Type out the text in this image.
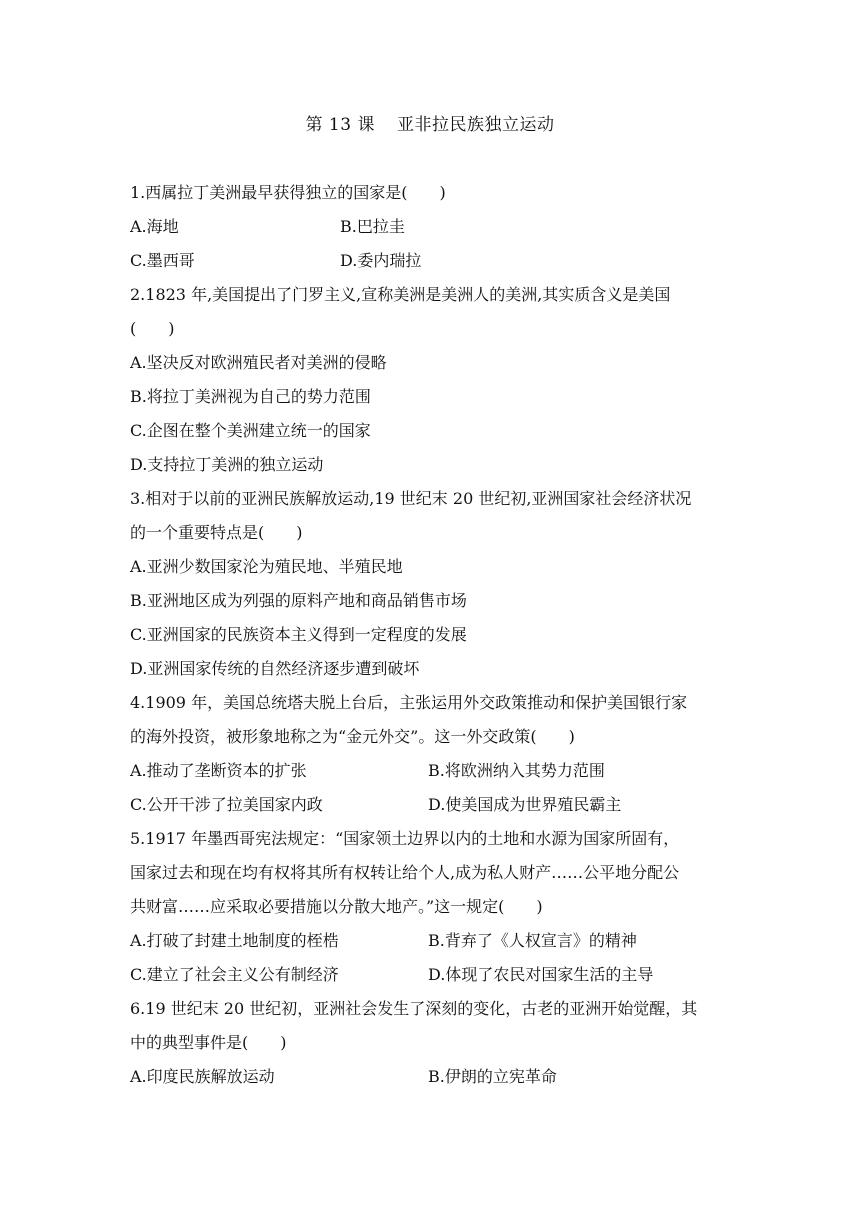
第 13 课 亚非拉民族独立运动
1.西属拉丁美洲最早获得独立的国家是(　　)
A.海地	B.巴拉圭
C.墨西哥	D.委内瑞拉
2.1823 年,美国提出了门罗主义,宣称美洲是美洲人的美洲,其实质含义是美国
(　　)
A.坚决反对欧洲殖民者对美洲的侵略
B.将拉丁美洲视为自己的势力范围
C.企图在整个美洲建立统一的国家
D.支持拉丁美洲的独立运动
3.相对于以前的亚洲民族解放运动,19 世纪末 20 世纪初,亚洲国家社会经济状况
的一个重要特点是(　　)
A.亚洲少数国家沦为殖民地、半殖民地
B.亚洲地区成为列强的原料产地和商品销售市场
C.亚洲国家的民族资本主义得到一定程度的发展
D.亚洲国家传统的自然经济逐步遭到破坏
4.1909 年，美国总统塔夫脱上台后，主张运用外交政策推动和保护美国银行家
的海外投资，被形象地称之为“金元外交”。这一外交政策(　　)
A.推动了垄断资本的扩张	B.将欧洲纳入其势力范围
C.公开干涉了拉美国家内政	D.使美国成为世界殖民霸主
5.1917 年墨西哥宪法规定：“国家领土边界以内的土地和水源为国家所固有，
国家过去和现在均有权将其所有权转让给个人,成为私人财产……公平地分配公
共财富……应采取必要措施以分散大地产。”这一规定(　　)
A.打破了封建土地制度的桎梏	B.背弃了《人权宣言》的精神
C.建立了社会主义公有制经济	D.体现了农民对国家生活的主导
6.19 世纪末 20 世纪初，亚洲社会发生了深刻的变化，古老的亚洲开始觉醒，其
中的典型事件是(　　)
A.印度民族解放运动	B.伊朗的立宪革命
